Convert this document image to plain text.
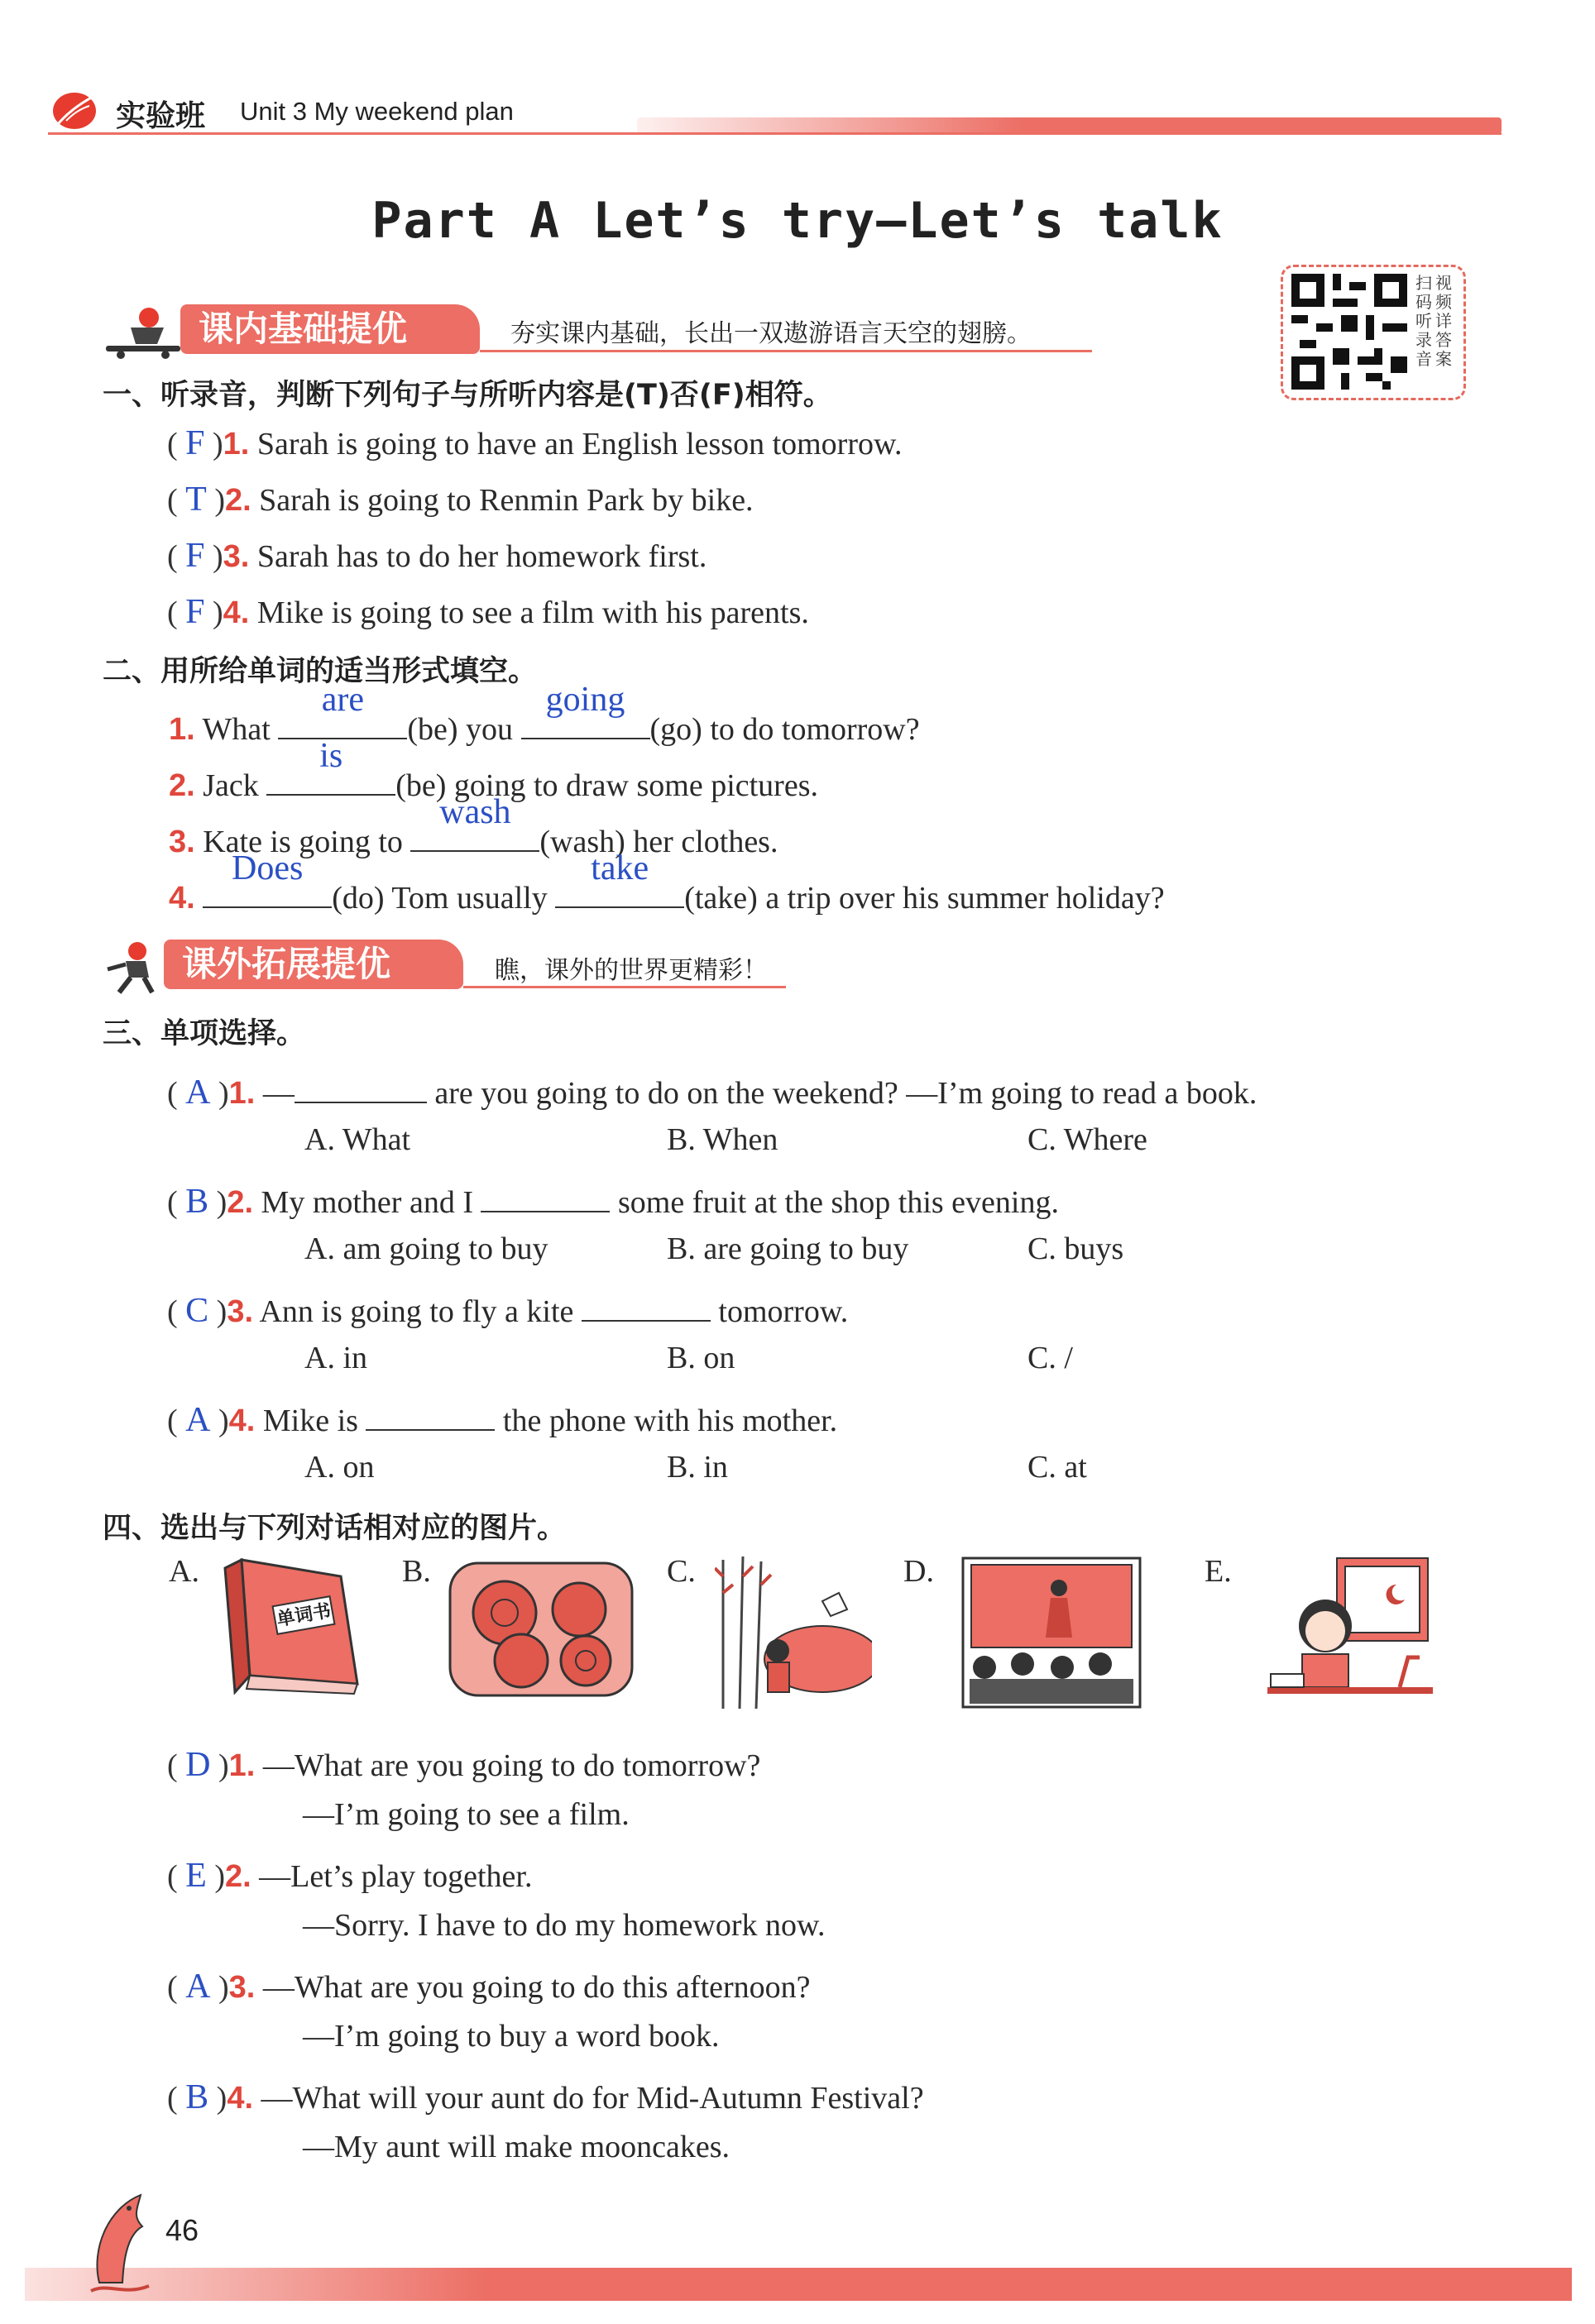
实验班 Unit 3 My weekend plan
Part A Let’s try—Let’s talk
扫 视
码 频
听 详
录 答
音 案
课内基础提优	夯实课内基础，长出一双遨游语言天空的翅膀。
一、听录音，判断下列句子与所听内容是(T)否(F)相符。
( F )1. Sarah is going to have an English lesson tomorrow.
( T )2. Sarah is going to Renmin Park by bike.
( F )3. Sarah has to do her homework first.
( F )4. Mike is going to see a film with his parents.
二、用所给单词的适当形式填空。
1. What
are
(be) you
going
(go) to do tomorrow?
2. Jack
is
(be) going to draw some pictures.
3. Kate is going to
wash
(wash) her clothes.
4.
Does
(do) Tom usually
take
(take) a trip over his summer holiday?
课外拓展提优	瞧，课外的世界更精彩！
三、单项选择。
( A )1. —	are you going to do on the weekend? —I’m going to read a book.
A. What	B. When	C. Where
( B )2. My mother and I	some fruit at the shop this evening.
A. am going to buy	B. are going to buy	C. buys
( C )3. Ann is going to fly a kite	tomorrow.
A. in	B. on	C. /
( A )4. Mike is	the phone with his mother.
A. on	B. in	C. at
四、选出与下列对话相对应的图片。
A.
单词书
B.	C.	D.	E.
( D )1. —What are you going to do tomorrow?
—I’m going to see a film.
( E )2. —Let’s play together.
—Sorry. I have to do my homework now.
( A )3. —What are you going to do this afternoon?
—I’m going to buy a word book.
( B )4. —What will your aunt do for Mid-Autumn Festival?
—My aunt will make mooncakes.
46
